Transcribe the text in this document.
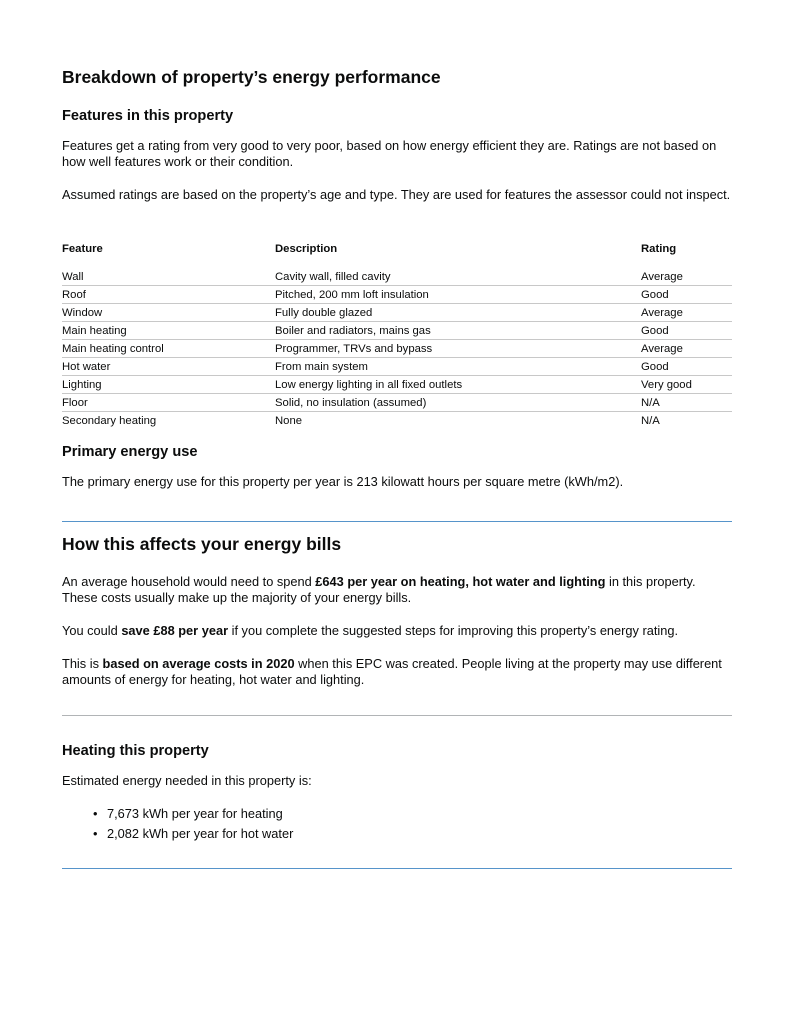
Breakdown of property’s energy performance
Features in this property

Features get a rating from very good to very poor, based on how energy efficient they are. Ratings are not based on how well features work or their condition.

Assumed ratings are based on the property’s age and type. They are used for features the assessor could not inspect.

Feature	Description	Rating
Wall	Cavity wall, filled cavity	Average
Roof	Pitched, 200 mm loft insulation	Good
Window	Fully double glazed	Average
Main heating	Boiler and radiators, mains gas	Good
Main heating control	Programmer, TRVs and bypass	Average
Hot water	From main system	Good
Lighting	Low energy lighting in all fixed outlets	Very good
Floor	Solid, no insulation (assumed)	N/A
Secondary heating	None	N/A
Primary energy use

The primary energy use for this property per year is 213 kilowatt hours per square metre (kWh/m2).

How this affects your energy bills

An average household would need to spend £643 per year on heating, hot water and lighting in this property. These costs usually make up the majority of your energy bills.

You could save £88 per year if you complete the suggested steps for improving this property’s energy rating.

This is based on average costs in 2020 when this EPC was created. People living at the property may use different amounts of energy for heating, hot water and lighting.

Heating this property

Estimated energy needed in this property is:

• 7,673 kWh per year for heating
• 2,082 kWh per year for hot water
